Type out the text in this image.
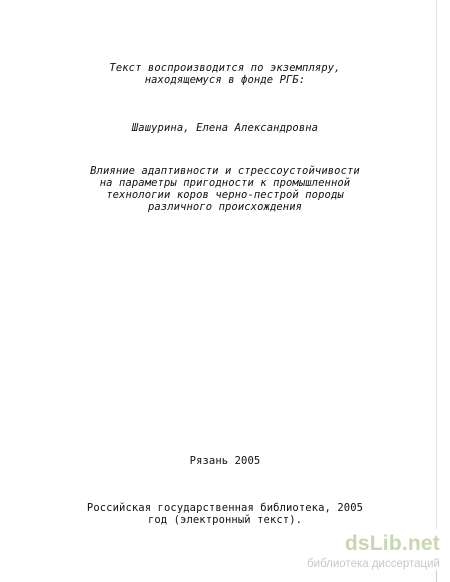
Текст воспроизводится по экземпляру,
находящемуся в фонде РГБ:
Шашурина, Елена Александровна
Влияние адаптивности и стрессоустойчивости
на параметры пригодности к промышленной
технологии коров черно-пестрой породы
различного происхождения
Рязань 2005
Российская государственная библиотека, 2005
год (электронный текст).
dsLib.net
библиотека диссертаций
